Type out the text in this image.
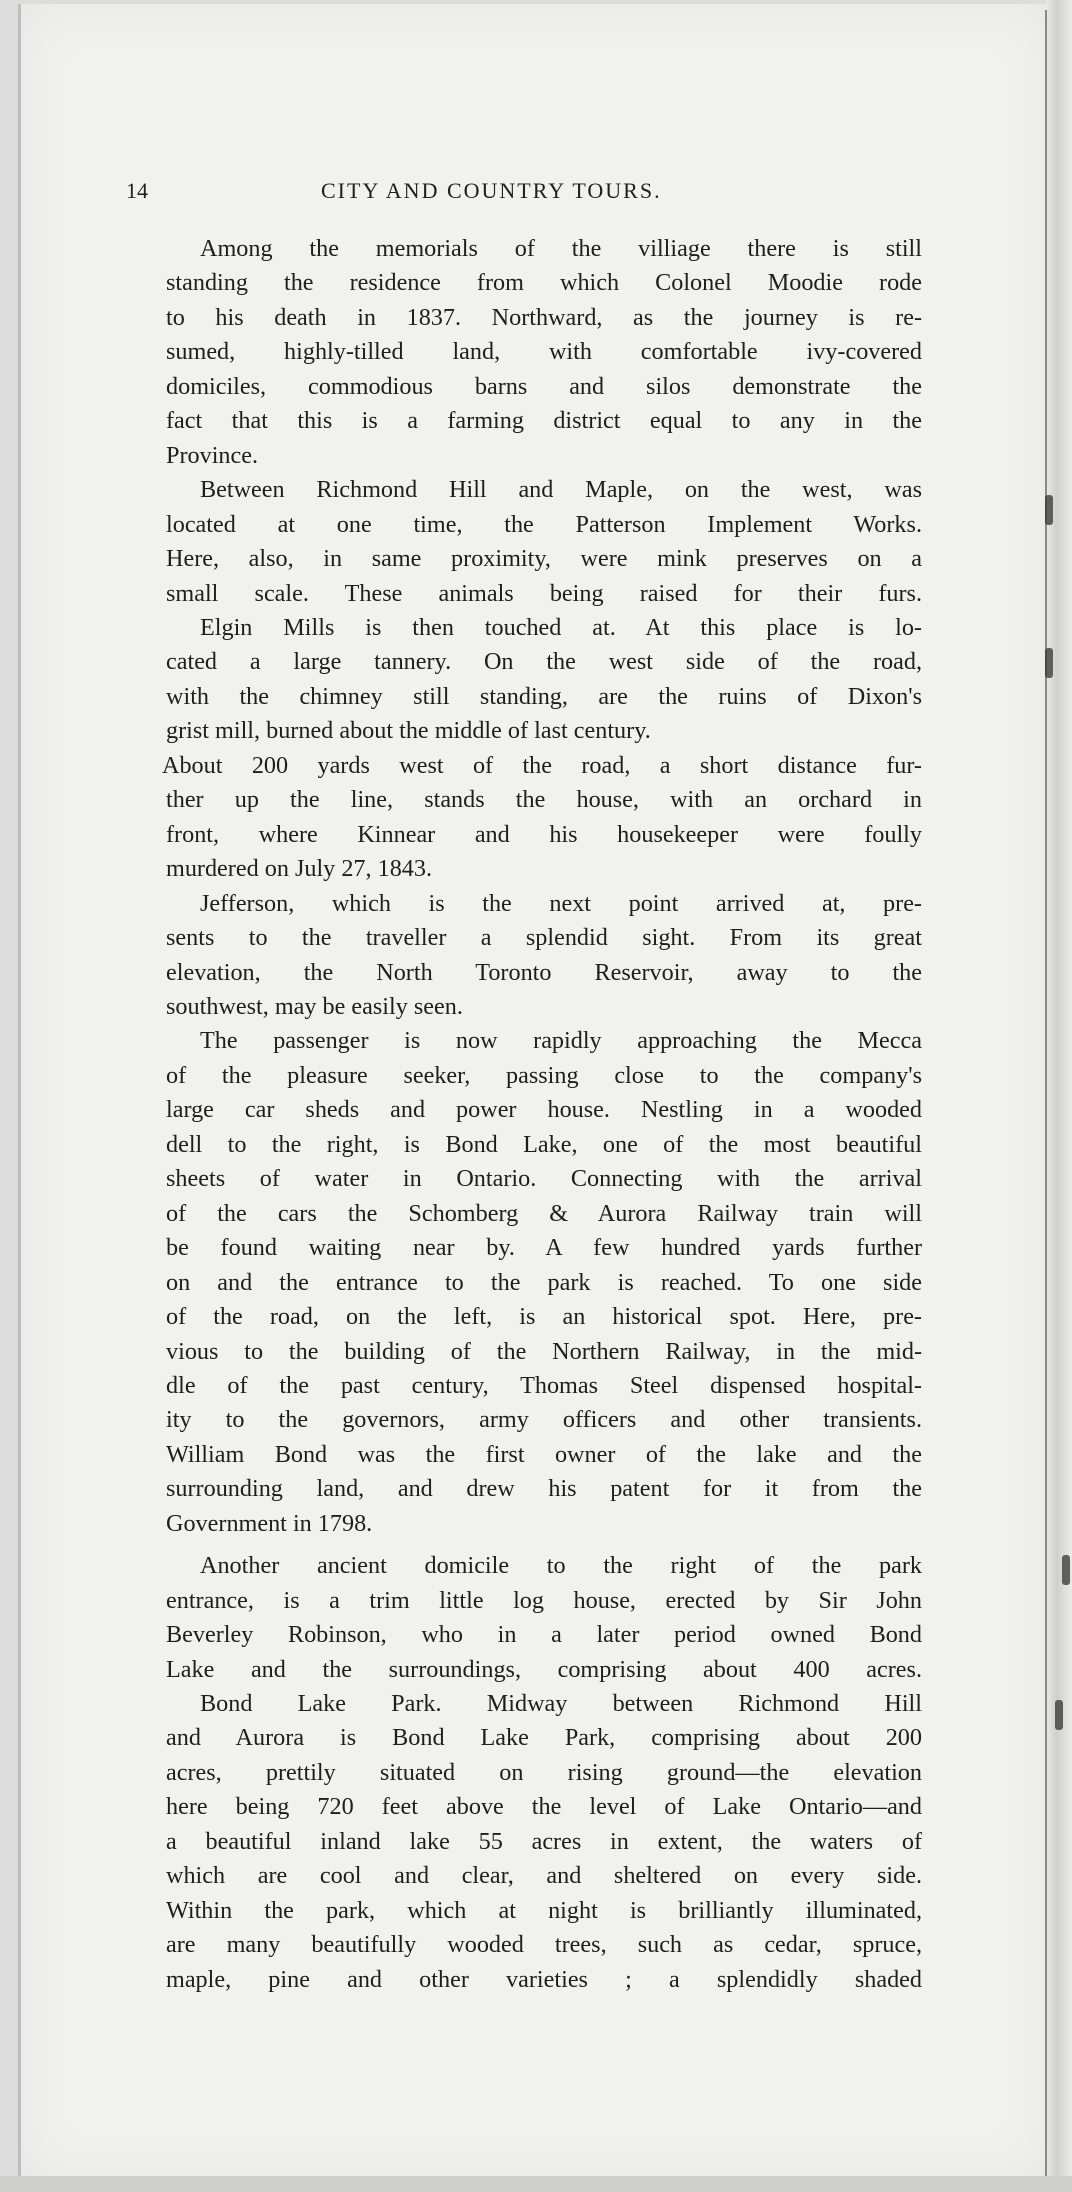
14	CITY AND COUNTRY TOURS.
Among the memorials of the villiage there is still
standing the residence from which Colonel Moodie rode
to his death in 1837. Northward, as the journey is re-
sumed, highly-tilled land, with comfortable ivy-covered
domiciles, commodious barns and silos demonstrate the
fact that this is a farming district equal to any in the
Province.
Between Richmond Hill and Maple, on the west, was
located at one time, the Patterson Implement Works.
Here, also, in same proximity, were mink preserves on a
small scale. These animals being raised for their furs.
Elgin Mills is then touched at. At this place is lo-
cated a large tannery. On the west side of the road,
with the chimney still standing, are the ruins of Dixon's
grist mill, burned about the middle of last century.
About 200 yards west of the road, a short distance fur-
ther up the line, stands the house, with an orchard in
front, where Kinnear and his housekeeper were foully
murdered on July 27, 1843.
Jefferson, which is the next point arrived at, pre-
sents to the traveller a splendid sight. From its great
elevation, the North Toronto Reservoir, away to the
southwest, may be easily seen.
The passenger is now rapidly approaching the Mecca
of the pleasure seeker, passing close to the company's
large car sheds and power house. Nestling in a wooded
dell to the right, is Bond Lake, one of the most beautiful
sheets of water in Ontario. Connecting with the arrival
of the cars the Schomberg & Aurora Railway train will
be found waiting near by. A few hundred yards further
on and the entrance to the park is reached. To one side
of the road, on the left, is an historical spot. Here, pre-
vious to the building of the Northern Railway, in the mid-
dle of the past century, Thomas Steel dispensed hospital-
ity to the governors, army officers and other transients.
William Bond was the first owner of the lake and the
surrounding land, and drew his patent for it from the
Government in 1798.
Another ancient domicile to the right of the park
entrance, is a trim little log house, erected by Sir John
Beverley Robinson, who in a later period owned Bond
Lake and the surroundings, comprising about 400 acres.
Bond Lake Park. Midway between Richmond Hill
and Aurora is Bond Lake Park, comprising about 200
acres, prettily situated on rising ground—the elevation
here being 720 feet above the level of Lake Ontario—and
a beautiful inland lake 55 acres in extent, the waters of
which are cool and clear, and sheltered on every side.
Within the park, which at night is brilliantly illuminated,
are many beautifully wooded trees, such as cedar, spruce,
maple, pine and other varieties ; a splendidly shaded
